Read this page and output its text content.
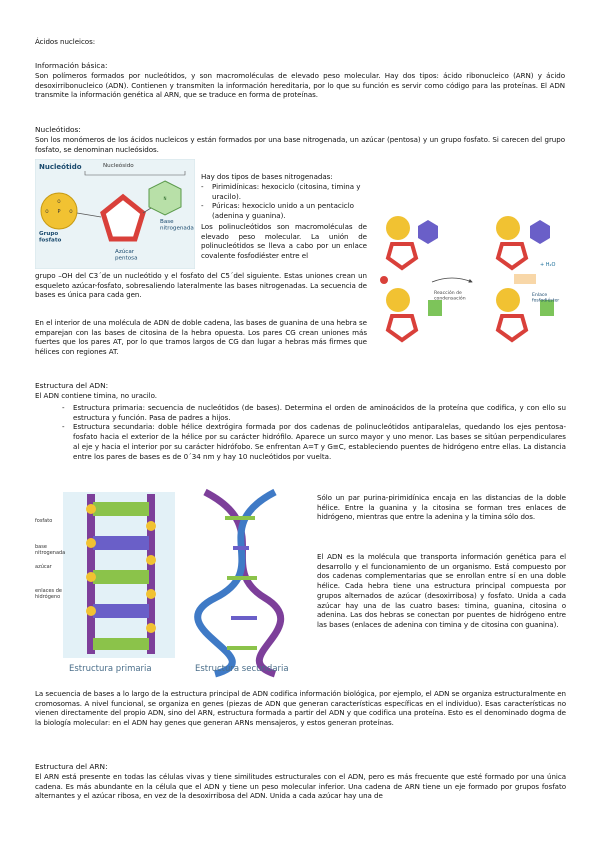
Ácidos nucleicos:

Información básica:

Son polímeros formados por nucleótidos, y son macromoléculas de elevado peso molecular. Hay dos tipos: ácido ribonucleico (ARN) y ácido desoxirribonucleico (ADN). Contienen y transmiten la información hereditaria, por lo que su función es servir como código para las proteínas. El ADN transmite la información genética al ARN, que se traduce en forma de proteínas.

Nucleótidos:

Son los monómeros de los ácidos nucleicos y están formados por una base nitrogenada, un azúcar (pentosa) y un grupo fosfato. Si carecen del grupo fosfato, se denominan nucleósidos.

Nucleótido	Nucleósido
P
O
O	O
N
Grupo fosfato
Base nitrogenada
Azúcar pentosa

Hay dos tipos de bases nitrogenadas:

- Pirimidínicas: hexociclo (citosina, timina y uracilo).
- Púricas: hexociclo unido a un pentaciclo (adenina y guanina).

Los polinucleótidos son macromoléculas de elevado peso molecular. La unión de polinucleótidos se lleva a cabo por un enlace covalente fosfodiéster entre el

grupo –OH del C3´de un nucleótido y el fosfato del C5´del siguiente. Estas uniones crean un esqueleto azúcar-fosfato, sobresaliendo lateralmente las bases nitrogenadas. La secuencia de bases es única para cada gen.	Reacción de condensación
+ H₂O
Enlace fosfodiéster

En el interior de una molécula de ADN de doble cadena, las bases de guanina de una hebra se emparejan con las bases de citosina de la hebra opuesta. Los pares CG crean uniones más fuertes que los pares AT, por lo que tramos largos de CG dan lugar a hebras más firmes que hélices con regiones AT.

Estructura del ADN:

El ADN contiene timina, no uracilo.

- Estructura primaria: secuencia de nucleótidos (de bases). Determina el orden de aminoácidos de la proteína que codifica, y con ello su estructura y función. Pasa de padres a hijos.
- Estructura secundaria: doble hélice dextrógira formada por dos cadenas de polinucleótidos antiparalelas, quedando los ejes pentosa-fosfato hacia el exterior de la hélice por su carácter hidrófilo. Aparece un surco mayor y uno menor. Las bases se sitúan perpendiculares al eje y hacia el interior por su carácter hidrófobo. Se enfrentan A=T y G≡C, estableciendo puentes de hidrógeno entre ellas. La distancia entre los pares de bases es de 0´34 nm y hay 10 nucleótidos por vuelta.
fosfato
base nitrogenada
azúcar
enlaces de hidrógeno
Estructura primaria	Estructura secundaria

Sólo un par purina-pirimidínica encaja en las distancias de la doble hélice. Entre la guanina y la citosina se forman tres enlaces de hidrógeno, mientras que entre la adenina y la timina sólo dos.

El ADN es la molécula que transporta información genética para el desarrollo y el funcionamiento de un organismo. Está compuesto por dos cadenas complementarias que se enrollan entre sí en una doble hélice. Cada hebra tiene una estructura principal compuesta por grupos alternados de azúcar (desoxirribosa) y fosfato. Unida a cada azúcar hay una de las cuatro bases: timina, guanina, citosina o adenina. Las dos hebras se conectan por puentes de hidrógeno entre las bases (enlaces de adenina con timina y de citosina con guanina).

La secuencia de bases a lo largo de la estructura principal de ADN codifica información biológica, por ejemplo, el ADN se organiza estructuralmente en cromosomas. A nivel funcional, se organiza en genes (piezas de ADN que generan características específicas en el individuo). Esas características no vienen directamente del propio ADN, sino del ARN, estructura formada a partir del ADN y que codifica una proteína. Esto es el denominado dogma de la biología molecular: en el ADN hay genes que generan ARNs mensajeros, y estos generan proteínas.

Estructura del ARN:

El ARN está presente en todas las células vivas y tiene similitudes estructurales con el ADN, pero es más frecuente que esté formado por una única cadena. Es más abundante en la célula que el ADN y tiene un peso molecular inferior. Una cadena de ARN tiene un eje formado por grupos fosfato alternantes y el azúcar ribosa, en vez de la desoxirribosa del ADN. Unida a cada azúcar hay una de
